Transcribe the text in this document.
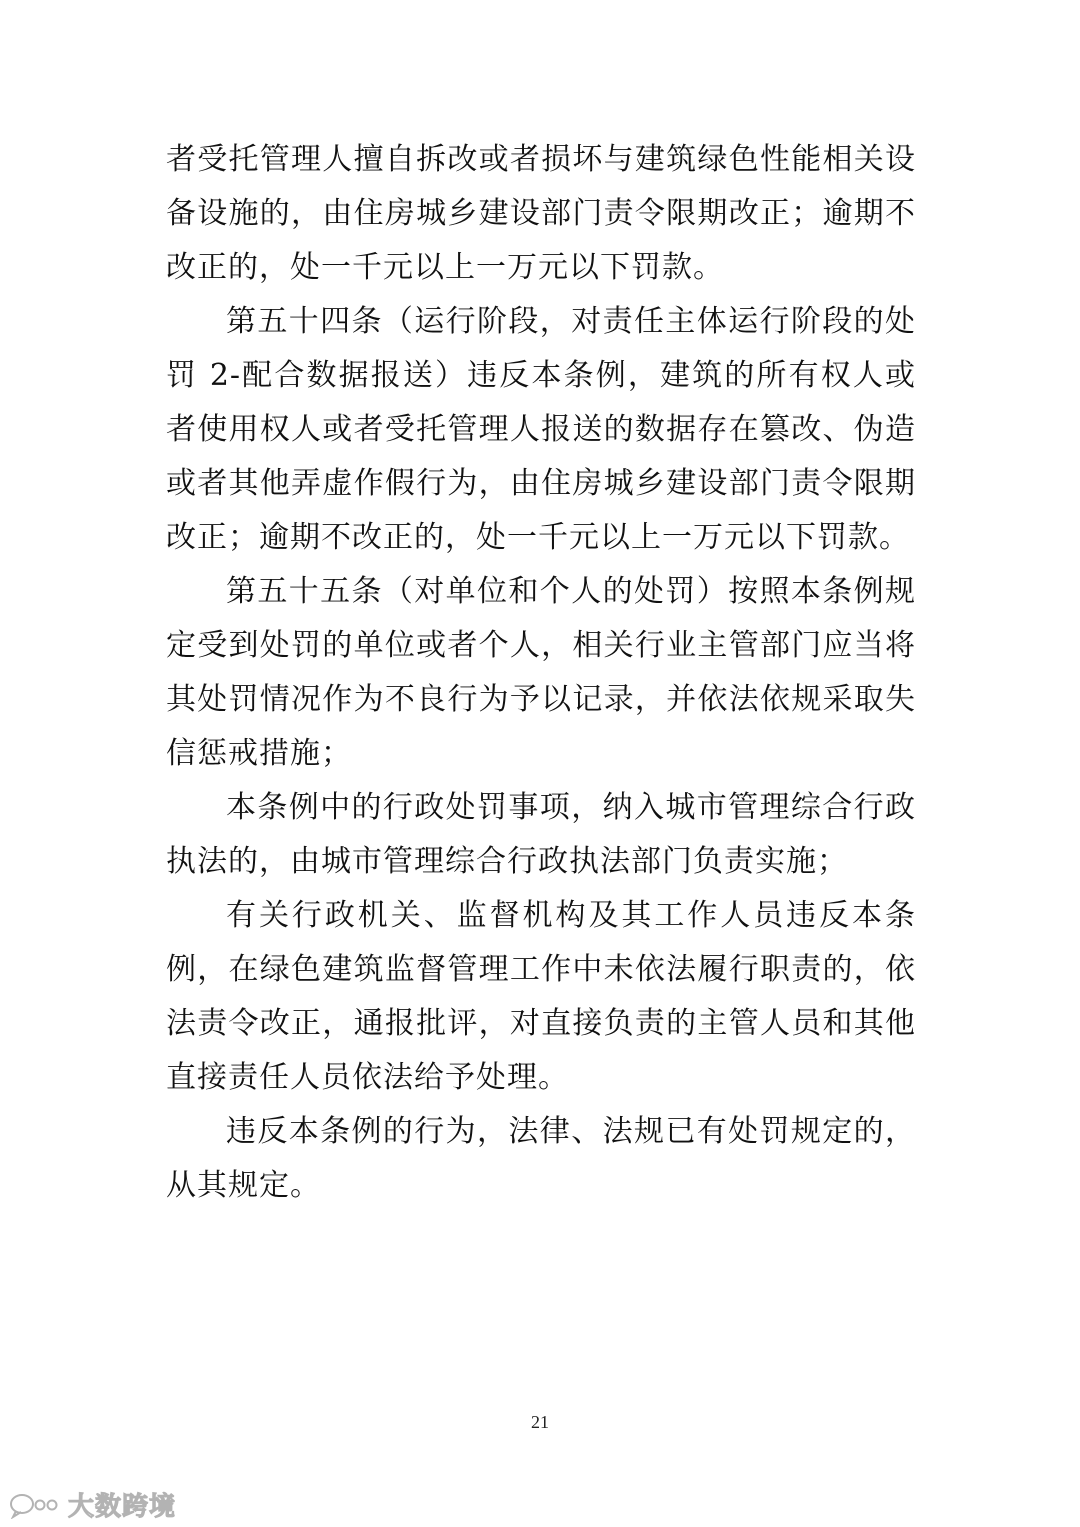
者受托管理人擅自拆改或者损坏与建筑绿色性能相关设备设施的，由住房城乡建设部门责令限期改正；逾期不改正的，处一千元以上一万元以下罚款。

第五十四条（运行阶段，对责任主体运行阶段的处罚 2-配合数据报送）违反本条例，建筑的所有权人或者使用权人或者受托管理人报送的数据存在篡改、伪造或者其他弄虚作假行为，由住房城乡建设部门责令限期改正；逾期不改正的，处一千元以上一万元以下罚款。

第五十五条（对单位和个人的处罚）按照本条例规定受到处罚的单位或者个人，相关行业主管部门应当将其处罚情况作为不良行为予以记录，并依法依规采取失信惩戒措施；

本条例中的行政处罚事项，纳入城市管理综合行政执法的，由城市管理综合行政执法部门负责实施；

有关行政机关、监督机构及其工作人员违反本条例，在绿色建筑监督管理工作中未依法履行职责的，依法责令改正，通报批评，对直接负责的主管人员和其他直接责任人员依法给予处理。

违反本条例的行为，法律、法规已有处罚规定的，从其规定。

21
大数跨境
